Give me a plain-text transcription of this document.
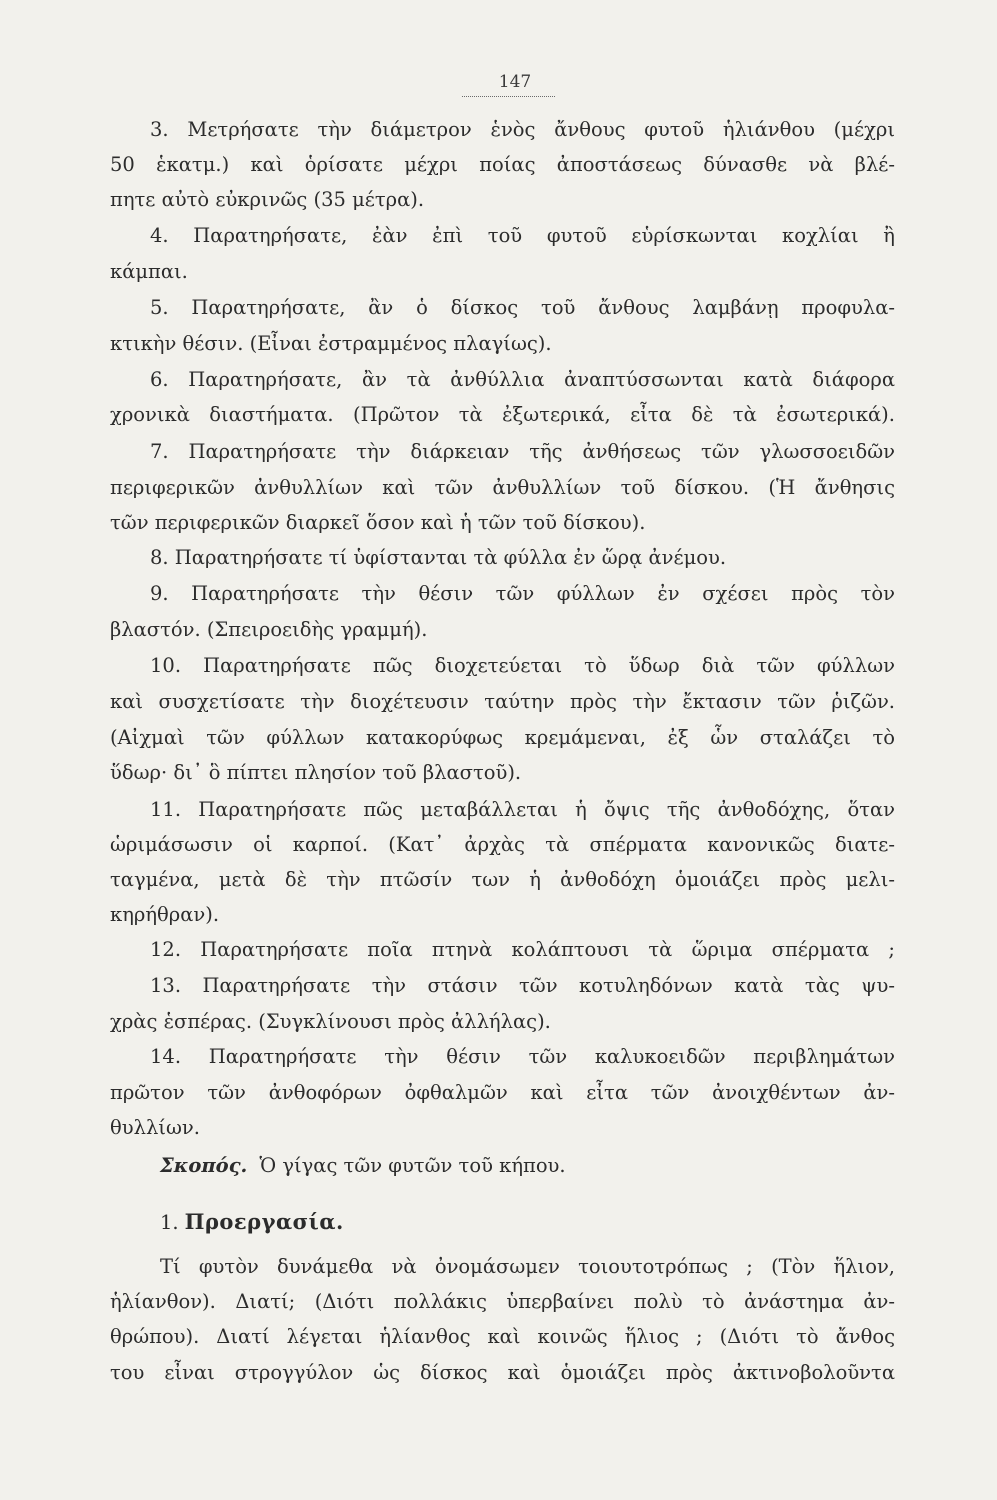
147
3. Μετρήσατε τὴν διάμετρον ἑνὸς ἄνθους φυτοῦ ἡλιάνθου (μέχρι
50 ἑκατμ.) καὶ ὁρίσατε μέχρι ποίας ἀποστάσεως δύνασθε νὰ βλέ-
πητε αὐτὸ εὐκρινῶς (35 μέτρα).
4. Παρατηρήσατε, ἐὰν ἐπὶ τοῦ φυτοῦ εὑρίσκωνται κοχλίαι ἢ
κάμπαι.
5. Παρατηρήσατε, ἂν ὁ δίσκος τοῦ ἄνθους λαμβάνῃ προφυλα-
κτικὴν θέσιν. (Εἶναι ἐστραμμένος πλαγίως).
6. Παρατηρήσατε, ἂν τὰ ἀνθύλλια ἀναπτύσσωνται κατὰ διάφορα
χρονικὰ διαστήματα. (Πρῶτον τὰ ἐξωτερικά, εἶτα δὲ τὰ ἐσωτερικά).
7. Παρατηρήσατε τὴν διάρκειαν τῆς ἀνθήσεως τῶν γλωσσοειδῶν
περιφερικῶν ἀνθυλλίων καὶ τῶν ἀνθυλλίων τοῦ δίσκου. (Ἡ ἄνθησις
τῶν περιφερικῶν διαρκεῖ ὅσον καὶ ἡ τῶν τοῦ δίσκου).
8. Παρατηρήσατε τί ὑφίστανται τὰ φύλλα ἐν ὥρᾳ ἀνέμου.
9. Παρατηρήσατε τὴν θέσιν τῶν φύλλων ἐν σχέσει πρὸς τὸν
βλαστόν. (Σπειροειδὴς γραμμή).
10. Παρατηρήσατε πῶς διοχετεύεται τὸ ὕδωρ διὰ τῶν φύλλων
καὶ συσχετίσατε τὴν διοχέτευσιν ταύτην πρὸς τὴν ἔκτασιν τῶν ῥιζῶν.
(Αἰχμαὶ τῶν φύλλων κατακορύφως κρεμάμεναι, ἐξ ὧν σταλάζει τὸ
ὕδωρ· δι᾽ ὃ πίπτει πλησίον τοῦ βλαστοῦ).
11. Παρατηρήσατε πῶς μεταβάλλεται ἡ ὄψις τῆς ἀνθοδόχης, ὅταν
ὡριμάσωσιν οἱ καρποί. (Κατ᾽ ἀρχὰς τὰ σπέρματα κανονικῶς διατε-
ταγμένα, μετὰ δὲ τὴν πτῶσίν των ἡ ἀνθοδόχη ὁμοιάζει πρὸς μελι-
κηρήθραν).
12. Παρατηρήσατε ποῖα πτηνὰ κολάπτουσι τὰ ὥριμα σπέρματα ;
13. Παρατηρήσατε τὴν στάσιν τῶν κοτυληδόνων κατὰ τὰς ψυ-
χρὰς ἑσπέρας. (Συγκλίνουσι πρὸς ἀλλήλας).
14. Παρατηρήσατε τὴν θέσιν τῶν καλυκοειδῶν περιβλημάτων
πρῶτον τῶν ἀνθοφόρων ὀφθαλμῶν καὶ εἶτα τῶν ἀνοιχθέντων ἀν-
θυλλίων.
Σκοπός. Ὁ γίγας τῶν φυτῶν τοῦ κήπου.
1. Προεργασία.
Τί φυτὸν δυνάμεθα νὰ ὀνομάσωμεν τοιουτοτρόπως ; (Τὸν ἥλιον,
ἡλίανθον). Διατί; (Διότι πολλάκις ὑπερβαίνει πολὺ τὸ ἀνάστημα ἀν-
θρώπου). Διατί λέγεται ἡλίανθος καὶ κοινῶς ἥλιος ; (Διότι τὸ ἄνθος
του εἶναι στρογγύλον ὡς δίσκος καὶ ὁμοιάζει πρὸς ἀκτινοβολοῦντα
